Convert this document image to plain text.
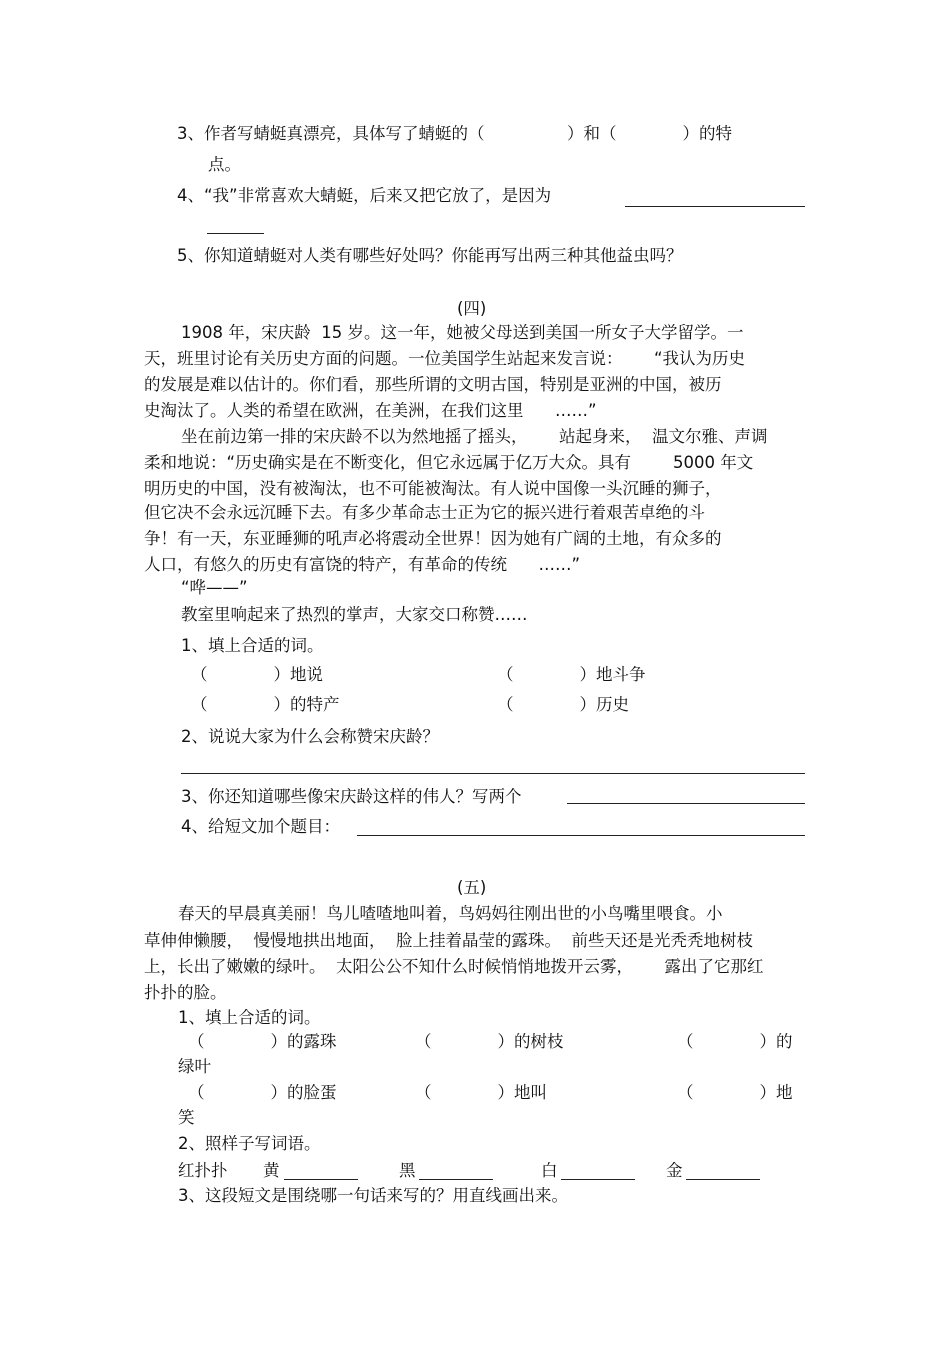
3、作者写蜻蜓真漂亮，具体写了蜻蜓的（　　　　　）和（　　　　）的特
点。
4、“我”非常喜欢大蜻蜓，后来又把它放了，是因为
5、你知道蜻蜓对人类有哪些好处吗？你能再写出两三种其他益虫吗？
(四)
1908 年，宋庆龄  15 岁。这一年，她被父母送到美国一所女子大学留学。一
天，班里讨论有关历史方面的问题。一位美国学生站起来发言说：      “我认为历史
的发展是难以估计的。你们看，那些所谓的文明古国，特别是亚洲的中国，被历
史淘汰了。人类的希望在欧洲，在美洲，在我们这里      ……”
坐在前边第一排的宋庆龄不以为然地摇了摇头，      站起身来，  温文尔雅、声调
柔和地说：“历史确实是在不断变化，但它永远属于亿万大众。具有        5000 年文
明历史的中国，没有被淘汰，也不可能被淘汰。有人说中国像一头沉睡的狮子，
但它决不会永远沉睡下去。有多少革命志士正为它的振兴进行着艰苦卓绝的斗
争！有一天，东亚睡狮的吼声必将震动全世界！因为她有广阔的土地，有众多的
人口，有悠久的历史有富饶的特产，有革命的传统      ……”
“哗——”
教室里响起来了热烈的掌声，大家交口称赞……
1、填上合适的词。
（　　　　）地说	（　　　　）地斗争
（　　　　）的特产	（　　　　）历史
2、说说大家为什么会称赞宋庆龄？
3、你还知道哪些像宋庆龄这样的伟人？写两个
4、给短文加个题目：
(五)
春天的早晨真美丽！鸟儿喳喳地叫着，鸟妈妈往刚出世的小鸟嘴里喂食。小
草伸伸懒腰，  慢慢地拱出地面，  脸上挂着晶莹的露珠。  前些天还是光秃秃地树枝
上，长出了嫩嫩的绿叶。  太阳公公不知什么时候悄悄地拨开云雾，      露出了它那红
扑扑的脸。
1、填上合适的词。
（　　　　）的露珠	（　　　　）的树枝	（　　　　）的
绿叶
（　　　　）的脸蛋	（　　　　）地叫	（　　　　）地
笑
2、照样子写词语。
红扑扑 黄	黑	白	金
3、这段短文是围绕哪一句话来写的？用直线画出来。
